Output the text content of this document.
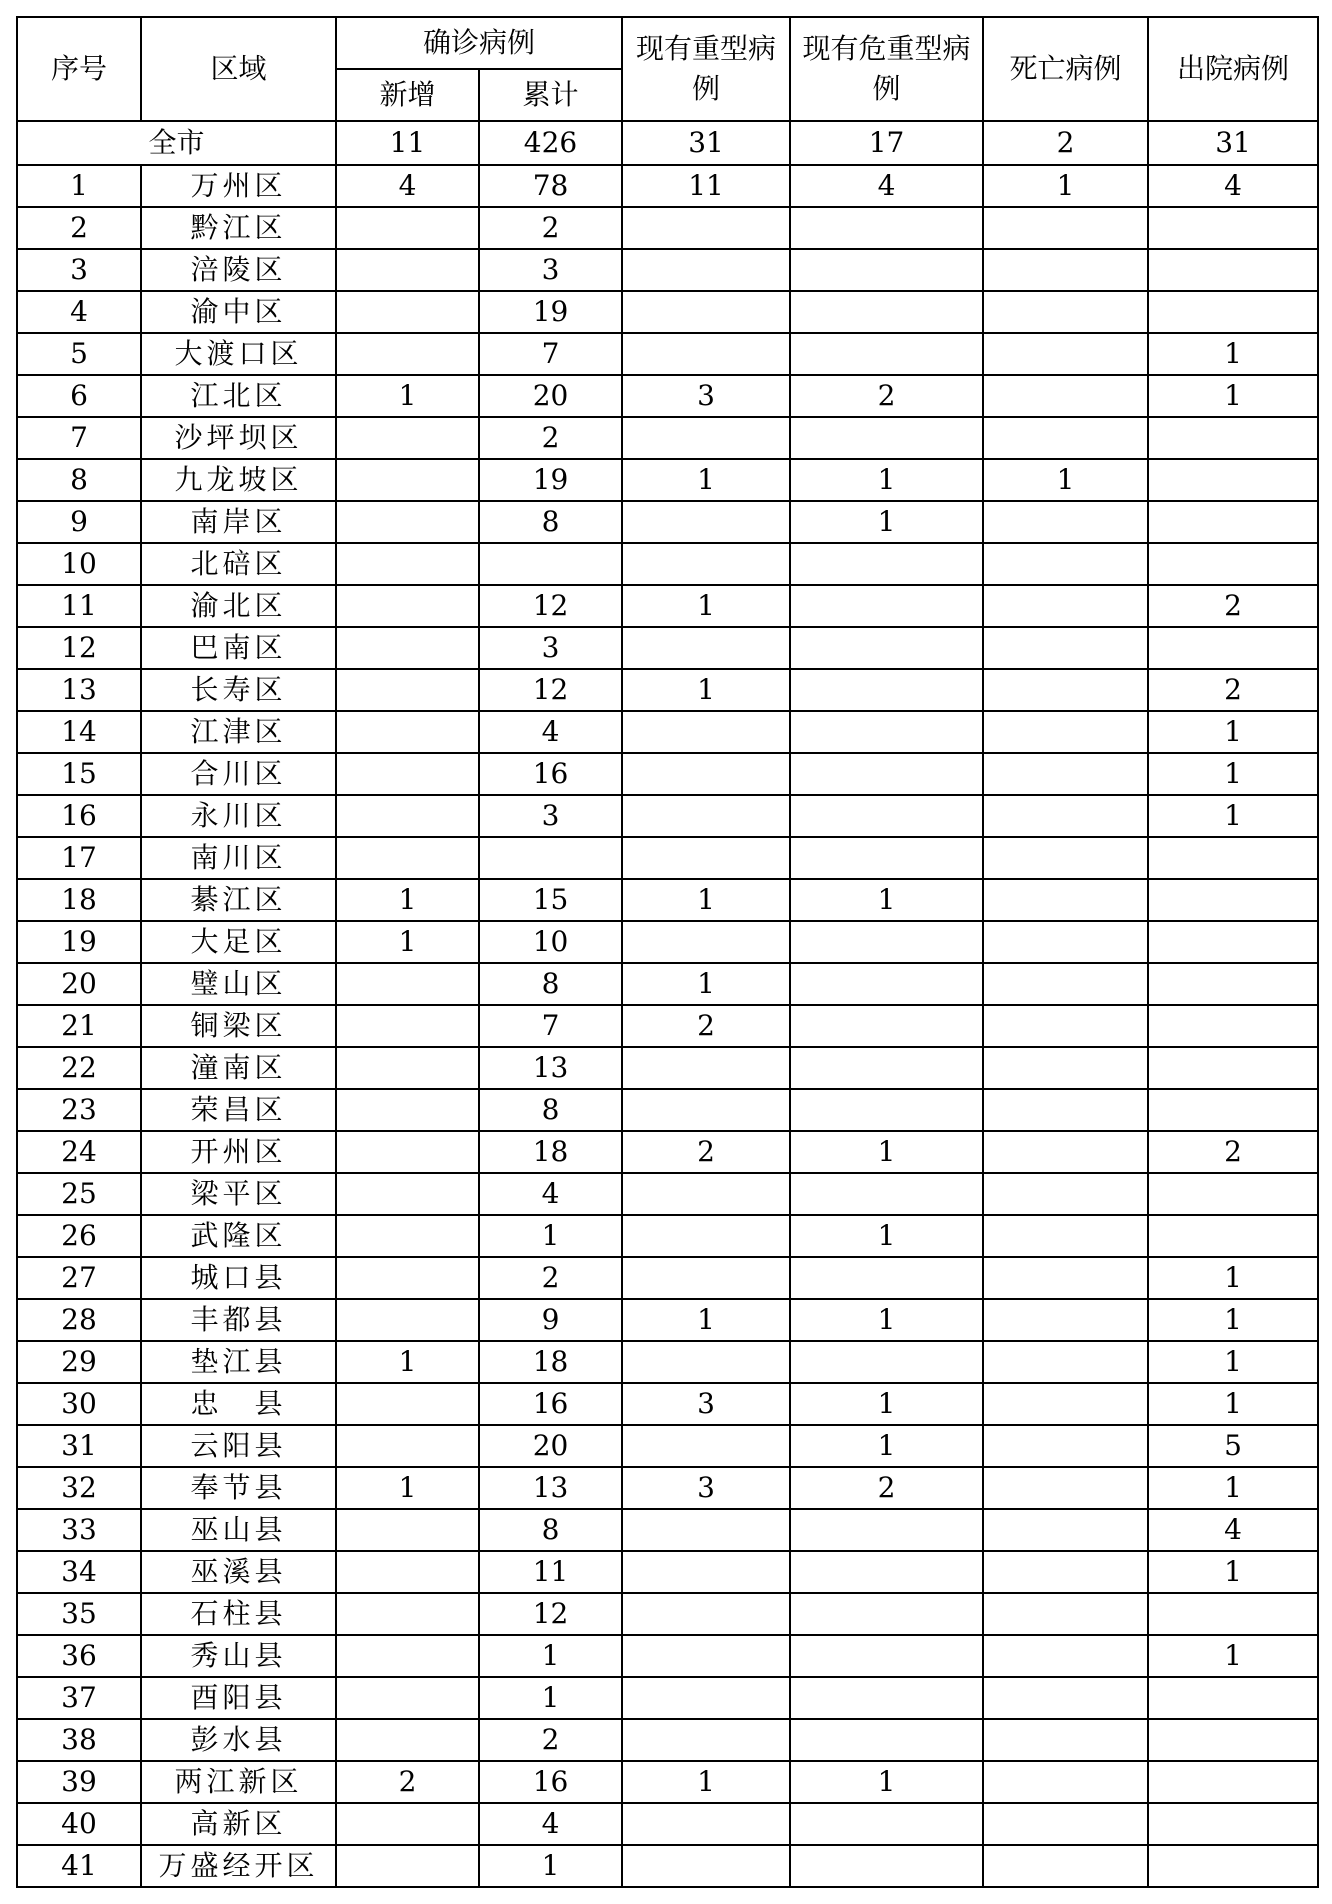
序号	区域	确诊病例		现有重型病例	现有危重型病例	死亡病例	出院病例
		新增	累计				
全市		11	426	31	17	2	31
1	万州区	4	78	11	4	1	4
2	黔江区		2				
3	涪陵区		3				
4	渝中区		19				
5	大渡口区		7				1
6	江北区	1	20	3	2		1
7	沙坪坝区		2				
8	九龙坡区		19	1	1	1	
9	南岸区		8		1		
10	北碚区						
11	渝北区		12	1			2
12	巴南区		3				
13	长寿区		12	1			2
14	江津区		4				1
15	合川区		16				1
16	永川区		3				1
17	南川区						
18	綦江区	1	15	1	1		
19	大足区	1	10				
20	璧山区		8	1			
21	铜梁区		7	2			
22	潼南区		13				
23	荣昌区		8				
24	开州区		18	2	1		2
25	梁平区		4				
26	武隆区		1		1		
27	城口县		2				1
28	丰都县		9	1	1		1
29	垫江县	1	18				1
30	忠　县		16	3	1		1
31	云阳县		20		1		5
32	奉节县	1	13	3	2		1
33	巫山县		8				4
34	巫溪县		11				1
35	石柱县		12				
36	秀山县		1				1
37	酉阳县		1				
38	彭水县		2				
39	两江新区	2	16	1	1		
40	高新区		4				
41	万盛经开区		1				
